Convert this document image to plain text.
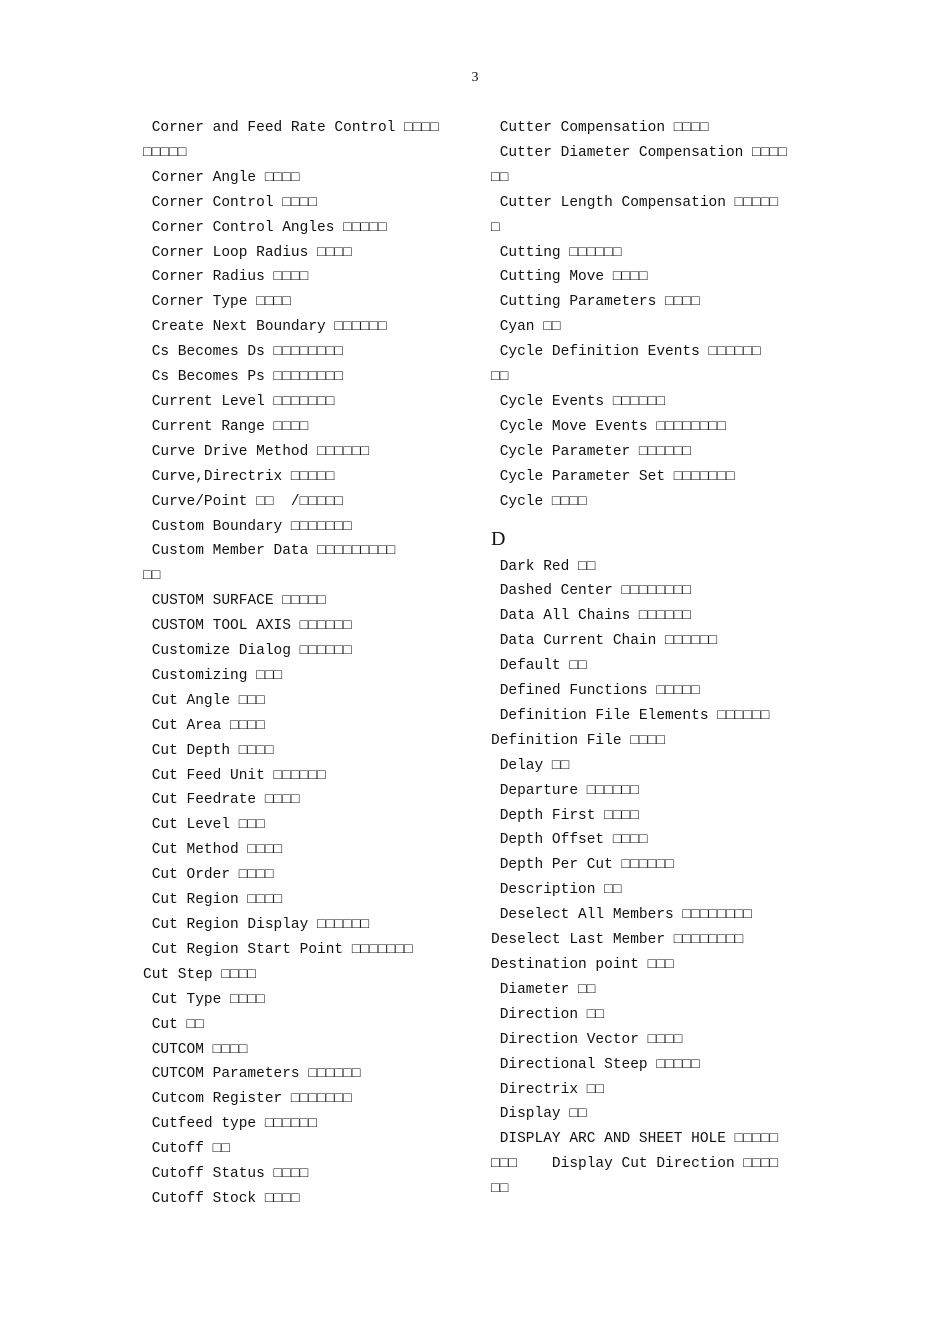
3
Corner and Feed Rate Control □□□□
□□□□□
Corner Angle □□□□
Corner Control □□□□
Corner Control Angles □□□□□
Corner Loop Radius □□□□
Corner Radius □□□□
Corner Type □□□□
Create Next Boundary □□□□□□
Cs Becomes Ds □□□□□□□□
Cs Becomes Ps □□□□□□□□
Current Level □□□□□□□
Current Range □□□□
Curve Drive Method □□□□□□
Curve,Directrix □□□□□
Curve/Point □□  /□□□□□
Custom Boundary □□□□□□□
Custom Member Data □□□□□□□□□
□□
CUSTOM SURFACE □□□□□
CUSTOM TOOL AXIS □□□□□□
Customize Dialog □□□□□□
Customizing □□□
Cut Angle □□□
Cut Area □□□□
Cut Depth □□□□
Cut Feed Unit □□□□□□
Cut Feedrate □□□□
Cut Level □□□
Cut Method □□□□
Cut Order □□□□
Cut Region □□□□
Cut Region Display □□□□□□
Cut Region Start Point □□□□□□□
Cut Step □□□□
Cut Type □□□□
Cut □□
CUTCOM □□□□
CUTCOM Parameters □□□□□□
Cutcom Register □□□□□□□
Cutfeed type □□□□□□
Cutoff □□
Cutoff Status □□□□
Cutoff Stock □□□□
Cutter Compensation □□□□
Cutter Diameter Compensation □□□□
□□
Cutter Length Compensation □□□□□
□
Cutting □□□□□□
Cutting Move □□□□
Cutting Parameters □□□□
Cyan □□
Cycle Definition Events □□□□□□
□□
Cycle Events □□□□□□
Cycle Move Events □□□□□□□□
Cycle Parameter □□□□□□
Cycle Parameter Set □□□□□□□
Cycle □□□□
D
Dark Red □□
Dashed Center □□□□□□□□
Data All Chains □□□□□□
Data Current Chain □□□□□□
Default □□
Defined Functions □□□□□
Definition File Elements □□□□□□
Definition File □□□□
Delay □□
Departure □□□□□□
Depth First □□□□
Depth Offset □□□□
Depth Per Cut □□□□□□
Description □□
Deselect All Members □□□□□□□□
Deselect Last Member □□□□□□□□
Destination point □□□
Diameter □□
Direction □□
Direction Vector □□□□
Directional Steep □□□□□
Directrix □□
Display □□
DISPLAY ARC AND SHEET HOLE □□□□□
□□□    Display Cut Direction □□□□
□□
